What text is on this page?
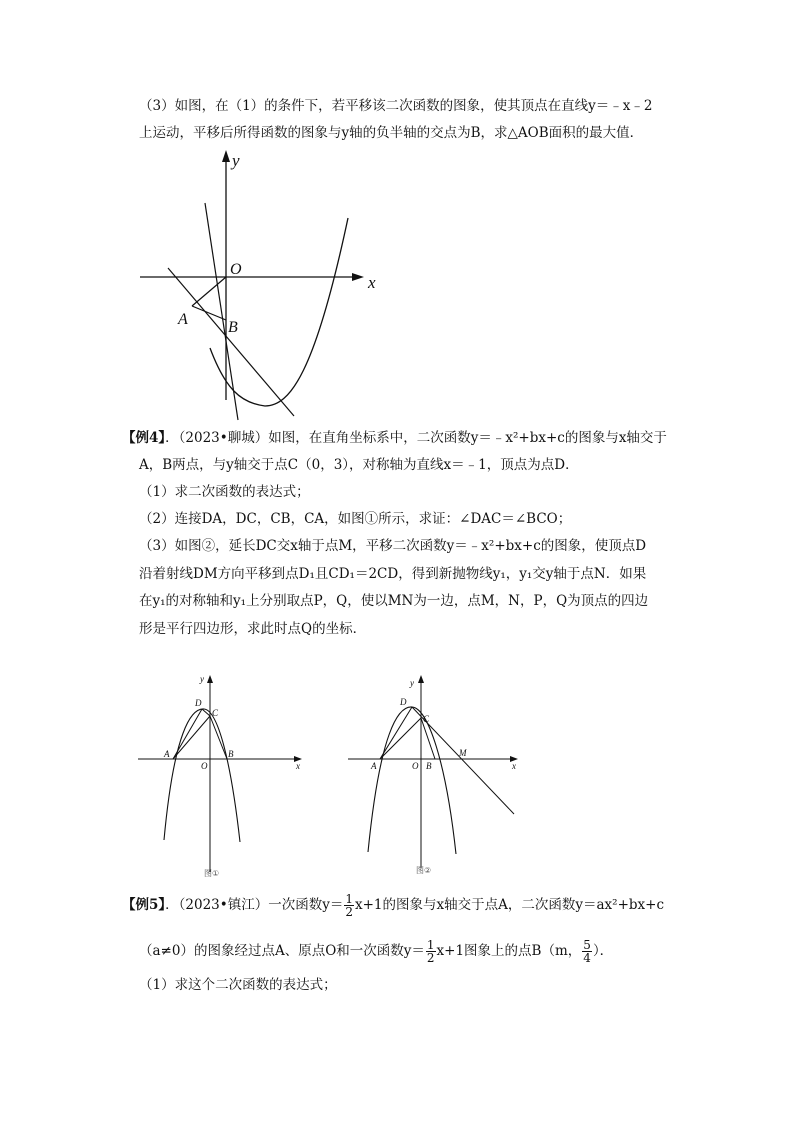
（3）如图，在（1）的条件下，若平移该二次函数的图象，使其顶点在直线y＝﹣x﹣2
上运动，平移后所得函数的图象与y轴的负半轴的交点为B，求△AOB面积的最大值．
y
x
O
A	B
【例4】．（2023•聊城）如图，在直角坐标系中，二次函数y＝﹣x²+bx+c的图象与x轴交于
A，B两点，与y轴交于点C（0，3），对称轴为直线x＝﹣1，顶点为点D．
（1）求二次函数的表达式；
（2）连接DA，DC，CB，CA，如图①所示，求证：∠DAC＝∠BCO；
（3）如图②，延长DC交x轴于点M，平移二次函数y＝﹣x²+bx+c的图象，使顶点D
沿着射线DM方向平移到点D₁且CD₁＝2CD，得到新抛物线y₁，y₁交y轴于点N．如果
在y₁的对称轴和y₁上分别取点P，Q，使以MN为一边，点M，N，P，Q为顶点的四边
形是平行四边形，求此时点Q的坐标．
y
x
D
C
A
O
B
图①
y
x
D
C
A	O B
M
图②
【例5】．（2023•镇江）一次函数$y= \frac{1}{2} x+1$的图象与x轴交于点A，二次函数y＝ax²+bx+c
（a≠0）的图象经过点A、原点O和一次函数$y= \frac{1}{2} x+1$图象上的点B（m， $\frac{5}{4}$ ）．
（1）求这个二次函数的表达式；
